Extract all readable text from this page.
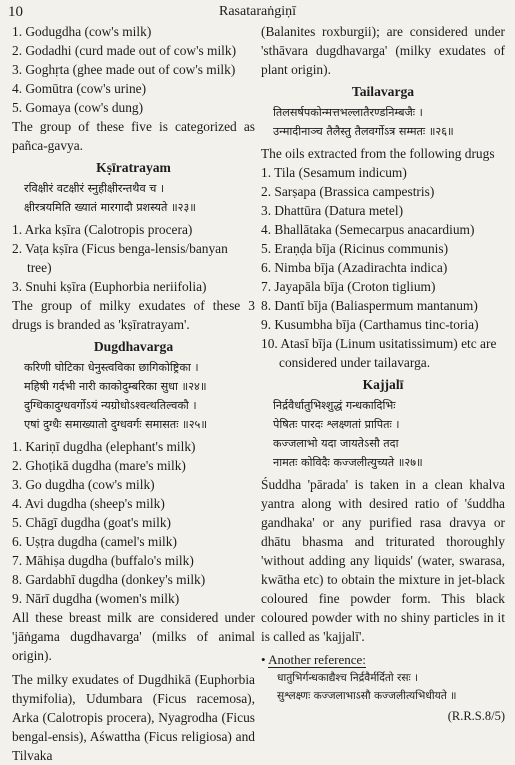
10	Rasataraṅgiṇī

1. Godugdha (cow's milk)

2. Godadhi (curd made out of cow's milk)

3. Goghṛta (ghee made out of cow's milk)

4. Gomūtra (cow's urine)

5. Gomaya (cow's dung)

The group of these five is categorized as pañca-gavya.

Kṣīratrayam

रविक्षीरं वटक्षीरं स्नुहीक्षीरन्तथैव च ।

क्षीरत्रयमिति ख्यातं मारगादौ प्रशस्यते ॥२३॥

1. Arka kṣīra (Calotropis procera)

2. Vaṭa kṣīra (Ficus benga-lensis/banyan tree)

3. Snuhi kṣīra (Euphorbia neriifolia)

The group of milky exudates of these 3 drugs is branded as 'kṣīratrayam'.

Dugdhavarga

करिणी घोटिका धेनुस्त्वविका छागिकोष्ट्रिका ।

महिषी गर्दभी नारी काकोदुम्बरिका सुधा ॥२४॥

दुग्धिकादुग्धवर्गोऽयं न्यग्रोधोऽश्वत्थतिल्वकौ ।

एषां दुग्धैः समाख्यातो दुग्धवर्गः समासतः ॥२५॥

1. Kariṇī dugdha (elephant's milk)

2. Ghoṭikā dugdha (mare's milk)

3. Go dugdha (cow's milk)

4. Avi dugdha (sheep's milk)

5. Chāgī dugdha (goat's milk)

6. Uṣṭra dugdha (camel's milk)

7. Māhiṣa dugdha (buffalo's milk)

8. Gardabhī dugdha (donkey's milk)

9. Nārī dugdha (women's milk)

All these breast milk are considered under 'jāṅgama dugdhavarga' (milks of animal origin).

The milky exudates of Dugdhikā (Euphorbia thymifolia), Udumbara (Ficus racemosa), Arka (Calotropis procera), Nyagrodha (Ficus bengal-ensis), Aśwattha (Ficus religiosa) and Tilvaka

(Balanites roxburgii); are considered under 'sthāvara dugdhavarga' (milky exudates of plant origin).

Tailavarga

तिलसर्षपकोन्मत्तभल्लातैरण्डनिम्बजैः ।

उन्मादीनाञ्च तैलैस्तु तैलवर्गोऽत्र सम्मतः ॥२६॥

The oils extracted from the following drugs

1. Tila (Sesamum indicum)

2. Sarṣapa (Brassica campestris)

3. Dhattūra (Datura metel)

4. Bhallātaka (Semecarpus anacardium)

5. Eraṇḍa bīja (Ricinus communis)

6. Nimba bīja (Azadirachta indica)

7. Jayapāla bīja (Croton tiglium)

8. Dantī bīja (Baliaspermum mantanum)

9. Kusumbha bīja (Carthamus tinc-toria)

10. Atasī bīja (Linum usitatissimum) etc are considered under tailavarga.

Kajjalī

निर्द्रवैर्धातुभिश्शुद्धं गन्धकादिभिः

पेषितः पारदः श्लक्ष्णतां प्रापितः ।

कज्जलाभो यदा जायतेऽसौ तदा

नामतः कोविदैः कज्जलीत्युच्यते ॥२७॥

Śuddha 'pārada' is taken in a clean khalva yantra along with desired ratio of 'śuddha gandhaka' or any purified rasa dravya or dhātu bhasma and triturated thoroughly 'without adding any liquids' (water, swarasa, kwātha etc) to obtain the mixture in jet-black coloured fine powder form. This black coloured powder with no shiny particles in it is called as 'kajjalī'.

• Another reference:

धातुभिर्गन्धकाद्यैश्च निर्द्रवैर्मर्दितो रसः ।

सुश्लक्ष्णः कज्जलाभाऽसौ कज्जलीत्यभिधीयते ॥

(R.R.S.8/5)
